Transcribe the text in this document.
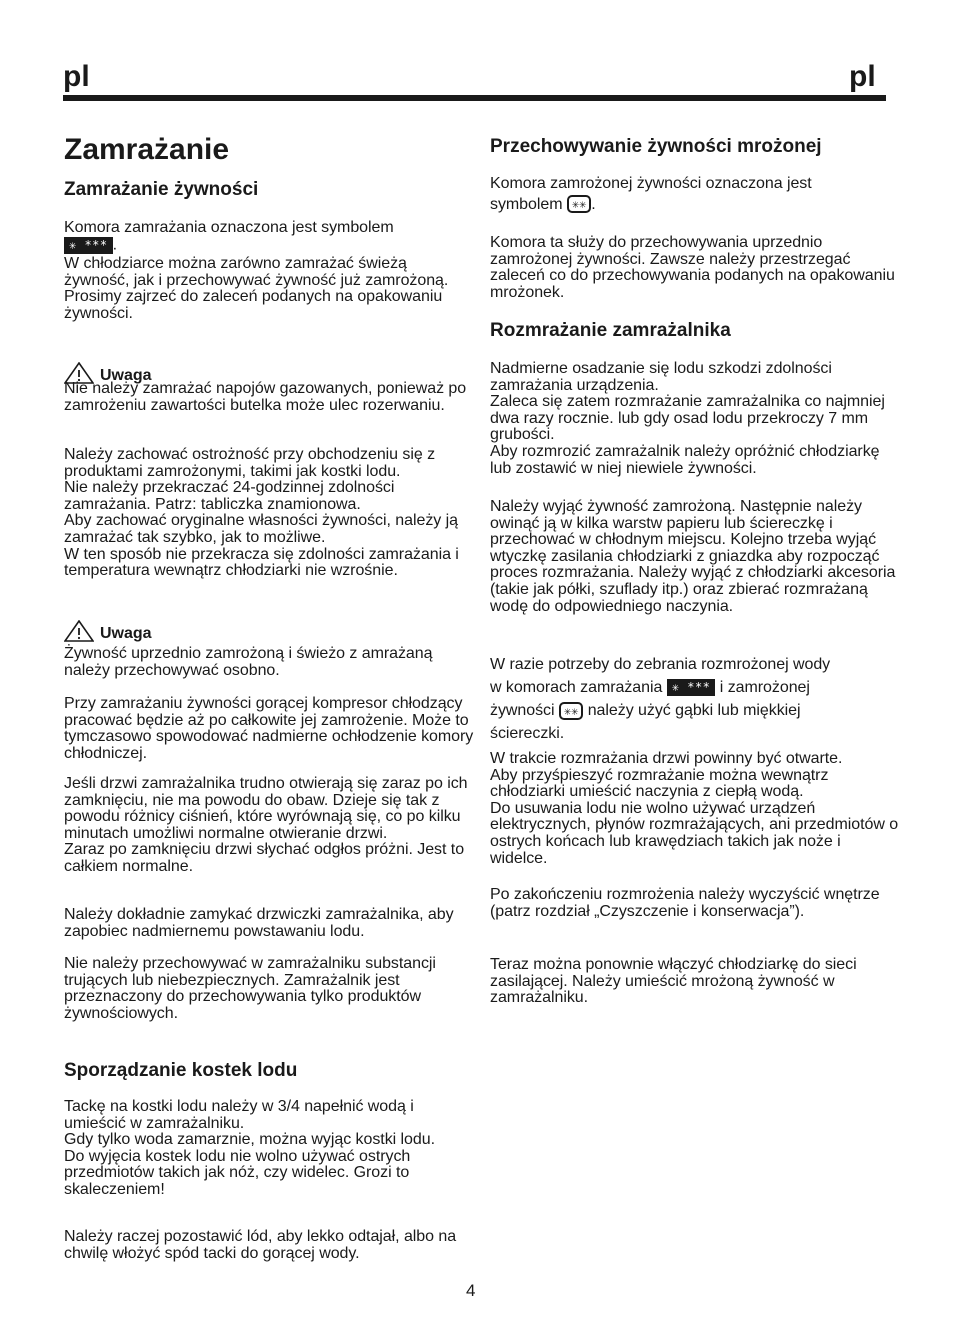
pl	pl
Zamrażanie
Zamrażanie żywności
Komora zamrażania oznaczona jest symbolem
✳ *** .

W chłodziarce można zarówno zamrażać świeżą żywność, jak i przechowywać żywność już zamrożoną.
Prosimy zajrzeć do zaleceń podanych na opakowaniu żywności.

Uwaga

Nie należy zamrażać napojów gazowanych, ponieważ po zamrożeniu zawartości butelka może ulec rozerwaniu.

Należy zachować ostrożność przy obchodzeniu się z produktami zamrożonymi, takimi jak kostki lodu.
Nie należy przekraczać 24-godzinnej zdolności zamrażania. Patrz: tabliczka znamionowa.
Aby zachować oryginalne własności żywności, należy ją zamrażać tak szybko, jak to możliwe.
W ten sposób nie przekracza się zdolności zamrażania i temperatura wewnątrz chłodziarki nie wzrośnie.

Uwaga

Żywność uprzednio zamrożoną i świeżo z amrażaną należy przechowywać osobno.

Przy zamrażaniu żywności gorącej kompresor chłodzący pracować będzie aż po całkowite jej zamrożenie. Może to tymczasowo spowodować nadmierne ochłodzenie komory chłodniczej.

Jeśli drzwi zamrażalnika trudno otwierają się zaraz po ich zamknięciu, nie ma powodu do obaw. Dzieje się tak z powodu różnicy ciśnień, które wyrównają się, co po kilku minutach umożliwi normalne otwieranie drzwi.
Zaraz po zamknięciu drzwi słychać odgłos próżni. Jest to całkiem normalne.

Należy dokładnie zamykać drzwiczki zamrażalnika, aby zapobiec nadmiernemu powstawaniu lodu.

Nie należy przechowywać w zamrażalniku substancji trujących lub niebezpiecznych. Zamrażalnik jest przeznaczony do przechowywania tylko produktów żywnościowych.

Sporządzanie kostek lodu

Tackę na kostki lodu należy w 3/4 napełnić wodą i umieścić w zamrażalniku.
Gdy tylko woda zamarznie, można wyjąc kostki lodu.
Do wyjęcia kostek lodu nie wolno używać ostrych przedmiotów takich jak nóż, czy widelec. Grozi to skaleczeniem!

Należy raczej pozostawić lód, aby lekko odtajał, albo na chwilę włożyć spód tacki do gorącej wody.

Przechowywanie żywności mrożonej
Komora zamrożonej żywności oznaczona jest
symbolem ✳✳ .

Komora ta służy do przechowywania uprzednio zamrożonej żywności. Zawsze należy przestrzegać zaleceń co do przechowywania podanych na opakowaniu mrożonek.

Rozmrażanie zamrażalnika

Nadmierne osadzanie się lodu szkodzi zdolności zamrażania urządzenia.
Zaleca się zatem rozmrażanie zamrażalnika co najmniej dwa razy rocznie. lub gdy osad lodu przekroczy 7 mm grubości.
Aby rozmrozić zamrażalnik należy opróżnić chłodziarkę lub zostawić w niej niewiele żywności.

Należy wyjąć żywność zamrożoną. Następnie należy owinąć ją w kilka warstw papieru lub ściereczkę i przechować w chłodnym miejscu. Kolejno trzeba wyjąć wtyczkę zasilania chłodziarki z gniazdka aby rozpocząć proces rozmrażania. Należy wyjąć z chłodziarki akcesoria (takie jak półki, szuflady itp.) oraz zbierać rozmrażaną wodę do odpowiedniego naczynia.

W razie potrzeby do zebrania rozmrożonej wody
w komorach zamrażania ✳ *** i zamrożonej
żywności ✳✳ należy użyć gąbki lub miękkiej
ściereczki.

W trakcie rozmrażania drzwi powinny być otwarte.
Aby przyśpieszyć rozmrażanie można wewnątrz chłodziarki umieścić naczynia z ciepłą wodą.
Do usuwania lodu nie wolno używać urządzeń elektrycznych, płynów rozmrażających, ani przedmiotów o ostrych końcach lub krawędziach takich jak noże i widelce.

Po zakończeniu rozmrożenia należy wyczyścić wnętrze (patrz rozdział „Czyszczenie i konserwacja”).

Teraz można ponownie włączyć chłodziarkę do sieci zasilającej. Należy umieścić mrożoną żywność w zamrażalniku.

4
